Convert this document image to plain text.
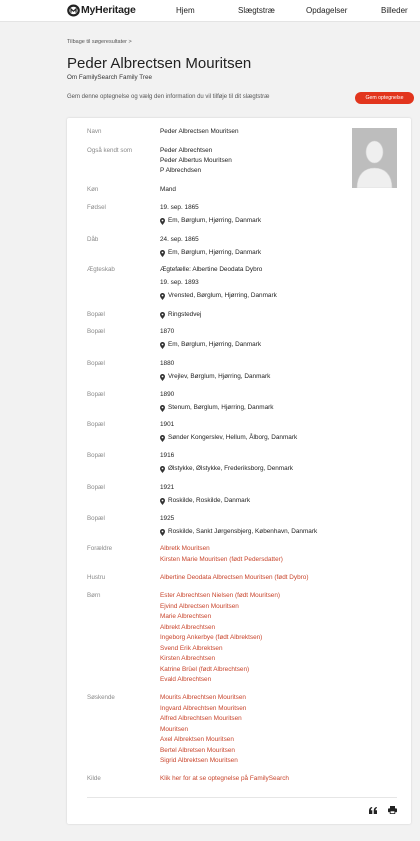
MyHeritage	Hjem	Slægtstræ	Opdagelser	Billeder
Tilbage til søgeresultater >
Peder Albrectsen Mouritsen
Om FamilySearch Family Tree
Gem denne optegnelse og vælg den information du vil tilføje til dit slægtstræ	Gem optegnelse
Navn	Peder Albrectsen Mouritsen
Også kendt som	Peder Albrechtsen
Peder Albertus Mouritsen
P Albrechdsen
Køn	Mand
Fødsel	19. sep. 1865
Em, Børglum, Hjørring, Danmark
Dåb	24. sep. 1865
Em, Børglum, Hjørring, Danmark
Ægteskab	Ægtefælle: Albertine Deodata Dybro
19. sep. 1893
Vrensted, Børglum, Hjørring, Danmark
Bopæl	Ringstedvej
Bopæl	1870
Em, Børglum, Hjørring, Danmark
Bopæl	1880
Vrejlev, Børglum, Hjørring, Danmark
Bopæl	1890
Stenum, Børglum, Hjørring, Danmark
Bopæl	1901
Sønder Kongerslev, Hellum, Ålborg, Danmark
Bopæl	1916
Ølstykke, Ølstykke, Frederiksborg, Denmark
Bopæl	1921
Roskilde, Roskilde, Danmark
Bopæl	1925
Roskilde, Sankt Jørgensbjerg, København, Danmark
Forældre	Albretk Mouritsen
Kirsten Marie Mouritsen (født Pedersdatter)
Hustru	Albertine Deodata Albrectsen Mouritsen (født Dybro)
Børn	Ester Albrechtsen Nielsen (født Mouritsen)
Ejvind Albrectsen Mouritsen
Marie Albrechtsen
Albrekt Albrechtsen
Ingeborg Ankerbye (født Albrektsen)
Svend Erik Albrektsen
Kirsten Albrechtsen
Katrine Brüel (født Albrechtsen)
Evald Albrechtsen
Søskende	Mourits Albrechtsen Mouritsen
Ingvard Albrechtsen Mouritsen
Alfred Albrechtsen Mouritsen
Mouritsen
Axel Albrektsen Mouritsen
Bertel Albretsen Mouritsen
Sigrid Albrektsen Mouritsen
Kilde	Klik her for at se optegnelse på FamilySearch
